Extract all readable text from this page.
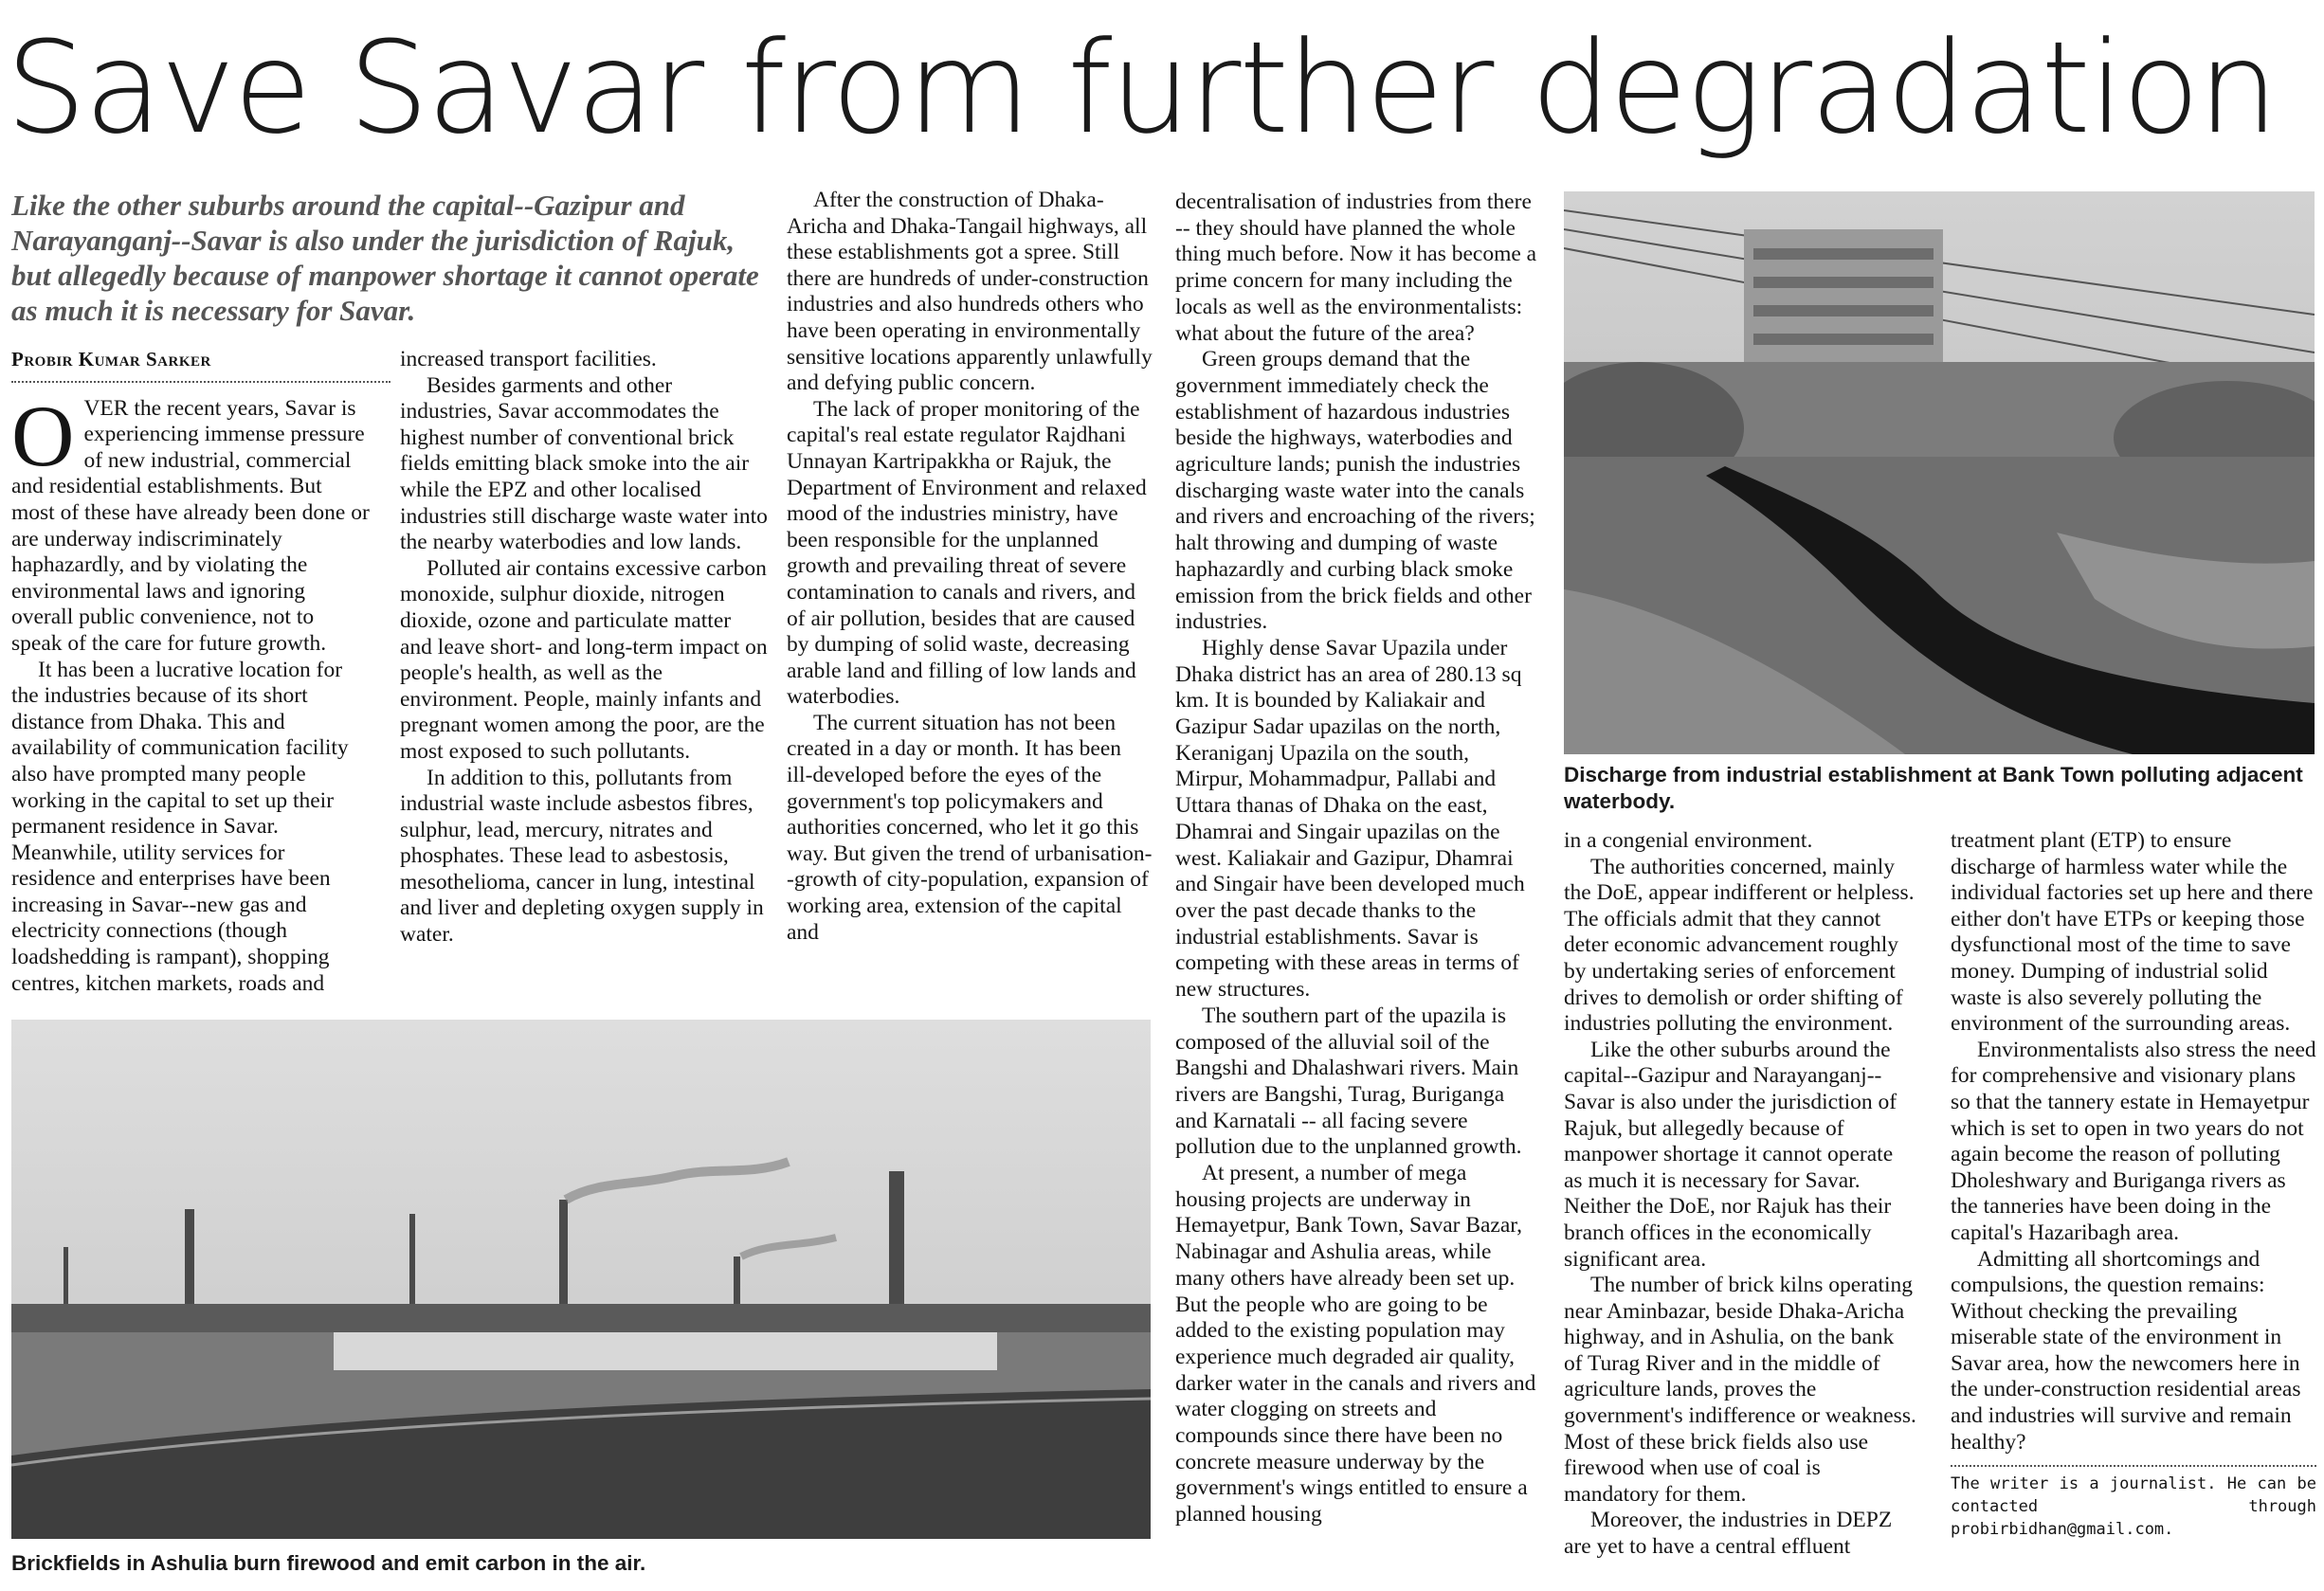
Save Savar from further degradation
Like the other suburbs around the capital--Gazipur and Narayanganj--Savar is also under the jurisdiction of Rajuk, but allegedly because of manpower shortage it cannot operate as much it is necessary for Savar.
Probir Kumar Sarker

OVER the recent years, Savar is experiencing immense pressure of new industrial, commercial and residential establishments. But most of these have already been done or are underway indiscriminately haphazardly, and by violating the environmental laws and ignoring overall public convenience, not to speak of the care for future growth.

It has been a lucrative location for the industries because of its short distance from Dhaka. This and availability of communication facility also have prompted many people working in the capital to set up their permanent residence in Savar. Meanwhile, utility services for residence and enterprises have been increasing in Savar--new gas and electricity connections (though loadshedding is rampant), shopping centres, kitchen markets, roads and

increased transport facilities.

Besides garments and other industries, Savar accommodates the highest number of conventional brick fields emitting black smoke into the air while the EPZ and other localised industries still discharge waste water into the nearby waterbodies and low lands.

Polluted air contains excessive carbon monoxide, sulphur dioxide, nitrogen dioxide, ozone and particulate matter and leave short- and long-term impact on people's health, as well as the environment. People, mainly infants and pregnant women among the poor, are the most exposed to such pollutants.

In addition to this, pollutants from industrial waste include asbestos fibres, sulphur, lead, mercury, nitrates and phosphates. These lead to asbestosis, mesothelioma, cancer in lung, intestinal and liver and depleting oxygen supply in water.

After the construction of Dhaka-Aricha and Dhaka-Tangail highways, all these establishments got a spree. Still there are hundreds of under-construction industries and also hundreds others who have been operating in environmentally sensitive locations apparently unlawfully and defying public concern.

The lack of proper monitoring of the capital's real estate regulator Rajdhani Unnayan Kartripakkha or Rajuk, the Department of Environment and relaxed mood of the industries ministry, have been responsible for the unplanned growth and prevailing threat of severe contamination to canals and rivers, and of air pollution, besides that are caused by dumping of solid waste, decreasing arable land and filling of low lands and waterbodies.

The current situation has not been created in a day or month. It has been ill-developed before the eyes of the government's top policymakers and authorities concerned, who let it go this way. But given the trend of urbanisation--growth of city-population, expansion of working area, extension of the capital and

decentralisation of industries from there -- they should have planned the whole thing much before. Now it has become a prime concern for many including the locals as well as the environmentalists: what about the future of the area?

Green groups demand that the government immediately check the establishment of hazardous industries beside the highways, waterbodies and agriculture lands; punish the industries discharging waste water into the canals and rivers and encroaching of the rivers; halt throwing and dumping of waste haphazardly and curbing black smoke emission from the brick fields and other industries.

Highly dense Savar Upazila under Dhaka district has an area of 280.13 sq km. It is bounded by Kaliakair and Gazipur Sadar upazilas on the north, Keraniganj Upazila on the south, Mirpur, Mohammadpur, Pallabi and Uttara thanas of Dhaka on the east, Dhamrai and Singair upazilas on the west. Kaliakair and Gazipur, Dhamrai and Singair have been developed much over the past decade thanks to the industrial establishments. Savar is competing with these areas in terms of new structures.

The southern part of the upazila is composed of the alluvial soil of the Bangshi and Dhalashwari rivers. Main rivers are Bangshi, Turag, Buriganga and Karnatali -- all facing severe pollution due to the unplanned growth.

At present, a number of mega housing projects are underway in Hemayetpur, Bank Town, Savar Bazar, Nabinagar and Ashulia areas, while many others have already been set up. But the people who are going to be added to the existing population may experience much degraded air quality, darker water in the canals and rivers and water clogging on streets and compounds since there have been no concrete measure underway by the government's wings entitled to ensure a planned housing

in a congenial environment.

The authorities concerned, mainly the DoE, appear indifferent or helpless. The officials admit that they cannot deter economic advancement roughly by undertaking series of enforcement drives to demolish or order shifting of industries polluting the environment.

Like the other suburbs around the capital--Gazipur and Narayanganj--Savar is also under the jurisdiction of Rajuk, but allegedly because of manpower shortage it cannot operate as much it is necessary for Savar. Neither the DoE, nor Rajuk has their branch offices in the economically significant area.

The number of brick kilns operating near Aminbazar, beside Dhaka-Aricha highway, and in Ashulia, on the bank of Turag River and in the middle of agriculture lands, proves the government's indifference or weakness. Most of these brick fields also use firewood when use of coal is mandatory for them.

Moreover, the industries in DEPZ are yet to have a central effluent

treatment plant (ETP) to ensure discharge of harmless water while the individual factories set up here and there either don't have ETPs or keeping those dysfunctional most of the time to save money. Dumping of industrial solid waste is also severely polluting the environment of the surrounding areas.

Environmentalists also stress the need for comprehensive and visionary plans so that the tannery estate in Hemayetpur which is set to open in two years do not again become the reason of polluting Dholeshwary and Buriganga rivers as the tanneries have been doing in the capital's Hazaribagh area.

Admitting all shortcomings and compulsions, the question remains: Without checking the prevailing miserable state of the environment in Savar area, how the newcomers here in the under-construction residential areas and industries will survive and remain healthy?

The writer is a journalist. He can be contacted through probirbidhan@gmail.com.
Discharge from industrial establishment at Bank Town polluting adjacent waterbody.
Brickfields in Ashulia burn firewood and emit carbon in the air.
